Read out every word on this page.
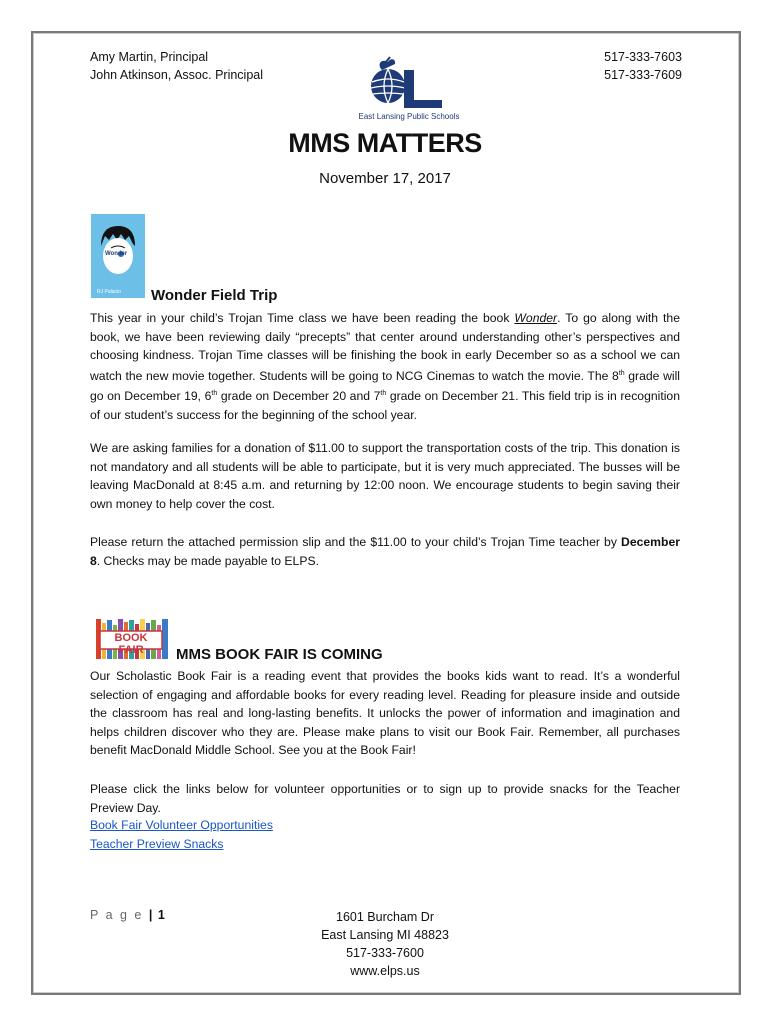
Amy Martin, Principal
John Atkinson, Assoc. Principal
517-333-7603
517-333-7609
East Lansing Public Schools
MMS MATTERS
November 17, 2017
Wonder
RJ Palacio Wonder Field Trip
This year in your child’s Trojan Time class we have been reading the book Wonder. To go along with the book, we have been reviewing daily “precepts” that center around understanding other’s perspectives and choosing kindness. Trojan Time classes will be finishing the book in early December so as a school we can watch the new movie together. Students will be going to NCG Cinemas to watch the movie. The 8th grade will go on December 19, 6th grade on December 20 and 7th grade on December 21. This field trip is in recognition of our student’s success for the beginning of the school year.
We are asking families for a donation of $11.00 to support the transportation costs of the trip. This donation is not mandatory and all students will be able to participate, but it is very much appreciated. The busses will be leaving MacDonald at 8:45 a.m. and returning by 12:00 noon. We encourage students to begin saving their own money to help cover the cost.
Please return the attached permission slip and the $11.00 to your child’s Trojan Time teacher by December 8. Checks may be made payable to ELPS.
BOOK FAIR	MMS BOOK FAIR IS COMING
Our Scholastic Book Fair is a reading event that provides the books kids want to read. It’s a wonderful selection of engaging and affordable books for every reading level. Reading for pleasure inside and outside the classroom has real and long-lasting benefits. It unlocks the power of information and imagination and helps children discover who they are. Please make plans to visit our Book Fair. Remember, all purchases benefit MacDonald Middle School. See you at the Book Fair!
Please click the links below for volunteer opportunities or to sign up to provide snacks for the Teacher Preview Day.
Book Fair Volunteer Opportunities
Teacher Preview Snacks
P a g e | 1	1601 Burcham Dr
East Lansing MI 48823
517-333-7600
www.elps.us
